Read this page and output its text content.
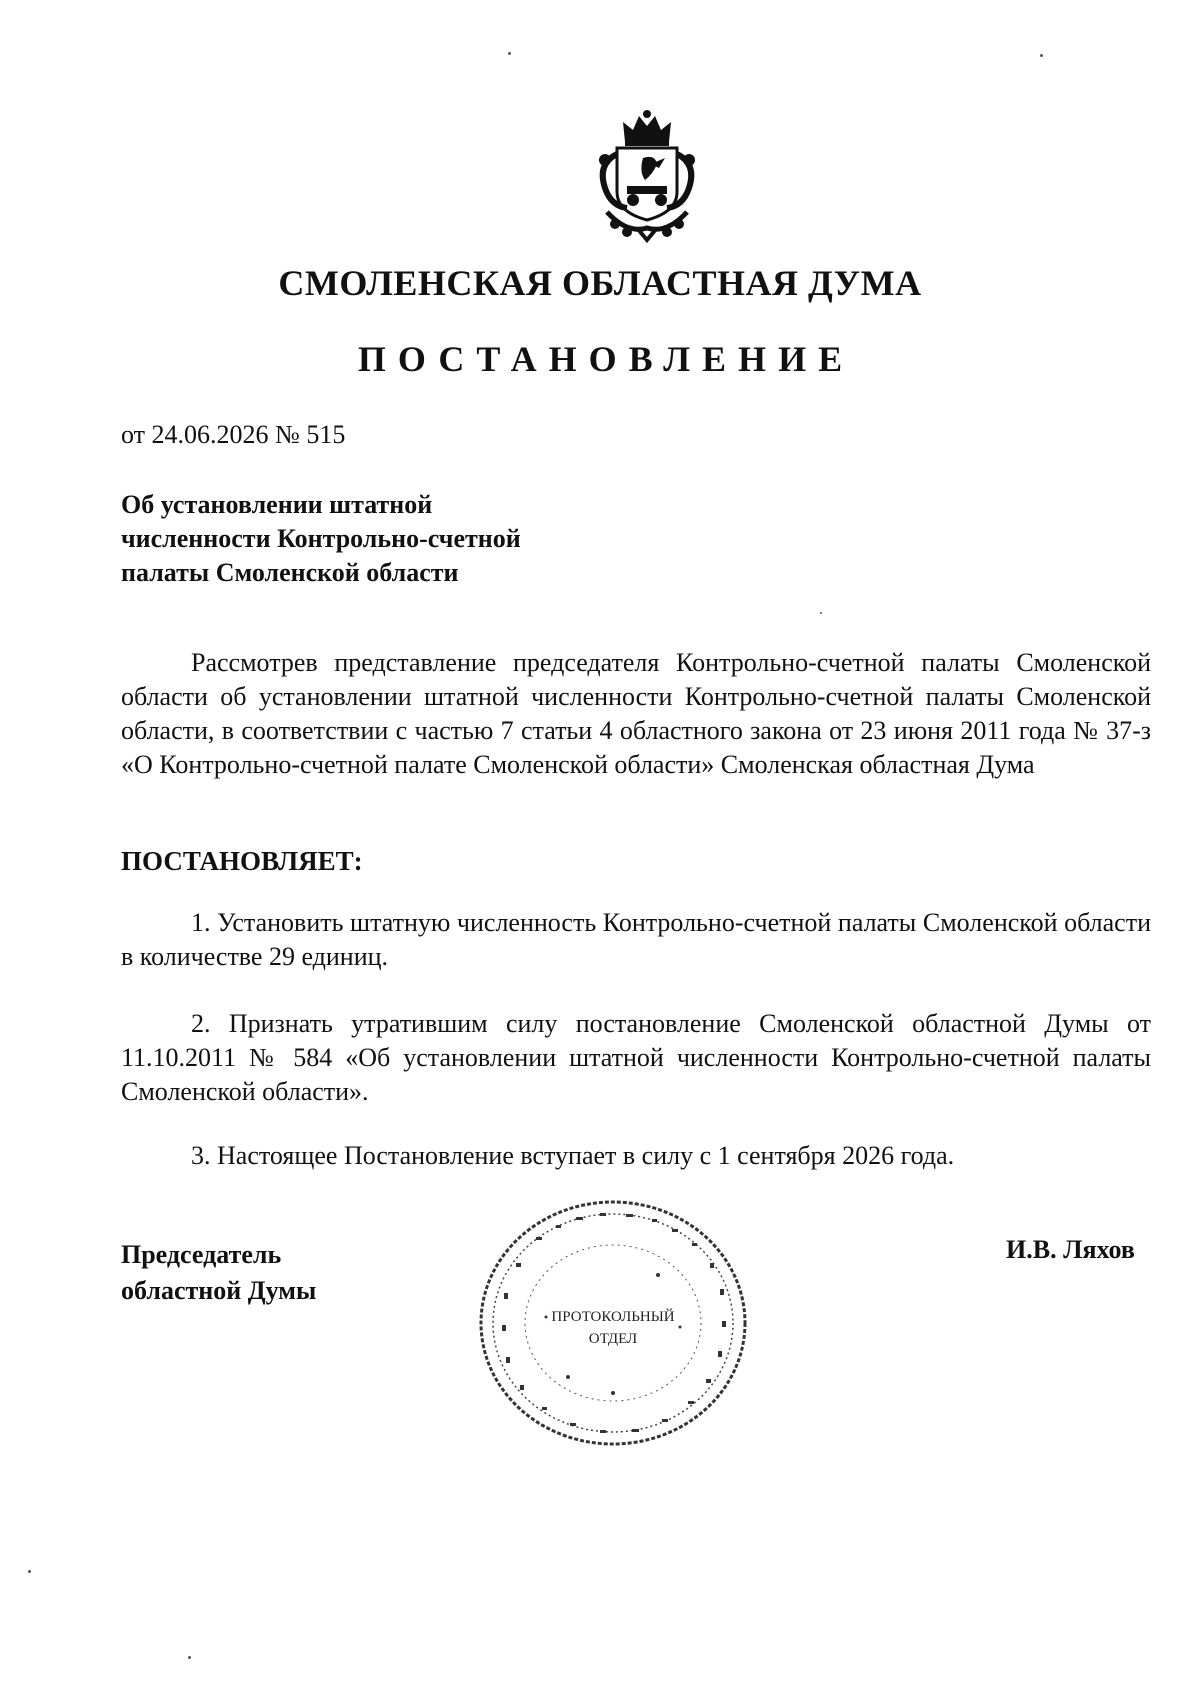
СМОЛЕНСКАЯ ОБЛАСТНАЯ ДУМА
ПОСТАНОВЛЕНИЕ
от 24.06.2026 № 515
Об установлении штатной
численности Контрольно-счетной
палаты Смоленской области
Рассмотрев представление председателя Контрольно-счетной палаты Смоленской области об установлении штатной численности Контрольно-счетной палаты Смоленской области, в соответствии с частью 7 статьи 4 областного закона от 23 июня 2011 года № 37-з «О Контрольно-счетной палате Смоленской области» Смоленская областная Дума
ПОСТАНОВЛЯЕТ:
1. Установить штатную численность Контрольно-счетной палаты Смоленской области в количестве 29 единиц.
2. Признать утратившим силу постановление Смоленской областной Думы от 11.10.2011 № 584 «Об установлении штатной численности Контрольно-счетной палаты Смоленской области».
3. Настоящее Постановление вступает в силу с 1 сентября 2026 года.
Председатель
областной Думы
И.В. Ляхов
ПРОТОКОЛЬНЫЙ
ОТДЕЛ
